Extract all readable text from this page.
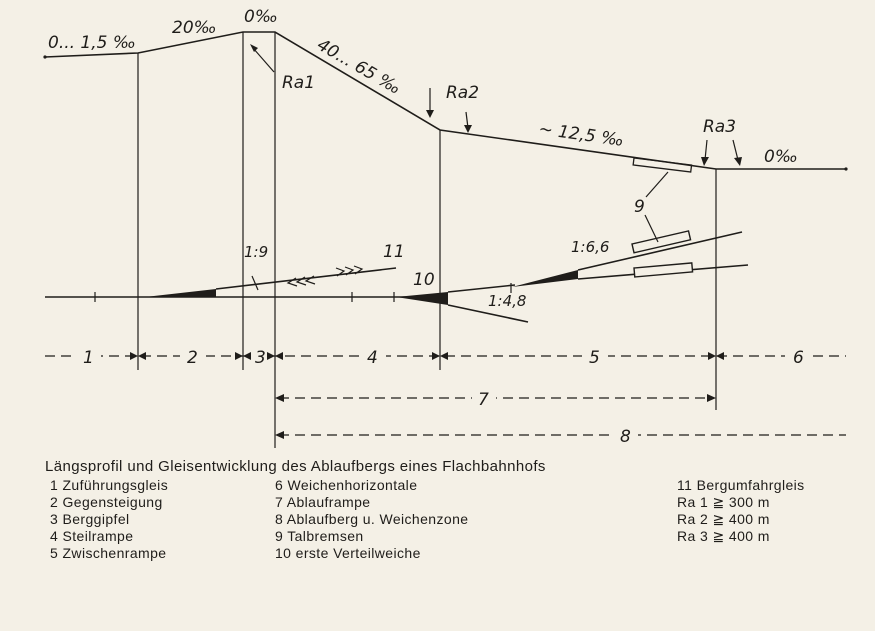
0... 1,5 ‰
20‰
0‰
40... 65 ‰
~ 12,5 ‰
0‰
Ra1	Ra2
Ra3
1:9	11
10
1:4,8
1:6,6
9
1	2	3	4	5	6
7
8
Längsprofil und Gleisentwicklung des Ablaufbergs eines Flachbahnhofs
1 Zuführungsgleis
2 Gegensteigung
3 Berggipfel
4 Steilrampe
5 Zwischenrampe
6 Weichenhorizontale
7 Ablauframpe
8 Ablaufberg u. Weichenzone
9 Talbremsen
10 erste Verteilweiche
11 Bergumfahrgleis
Ra 1 ≧ 300 m
Ra 2 ≧ 400 m
Ra 3 ≧ 400 m
